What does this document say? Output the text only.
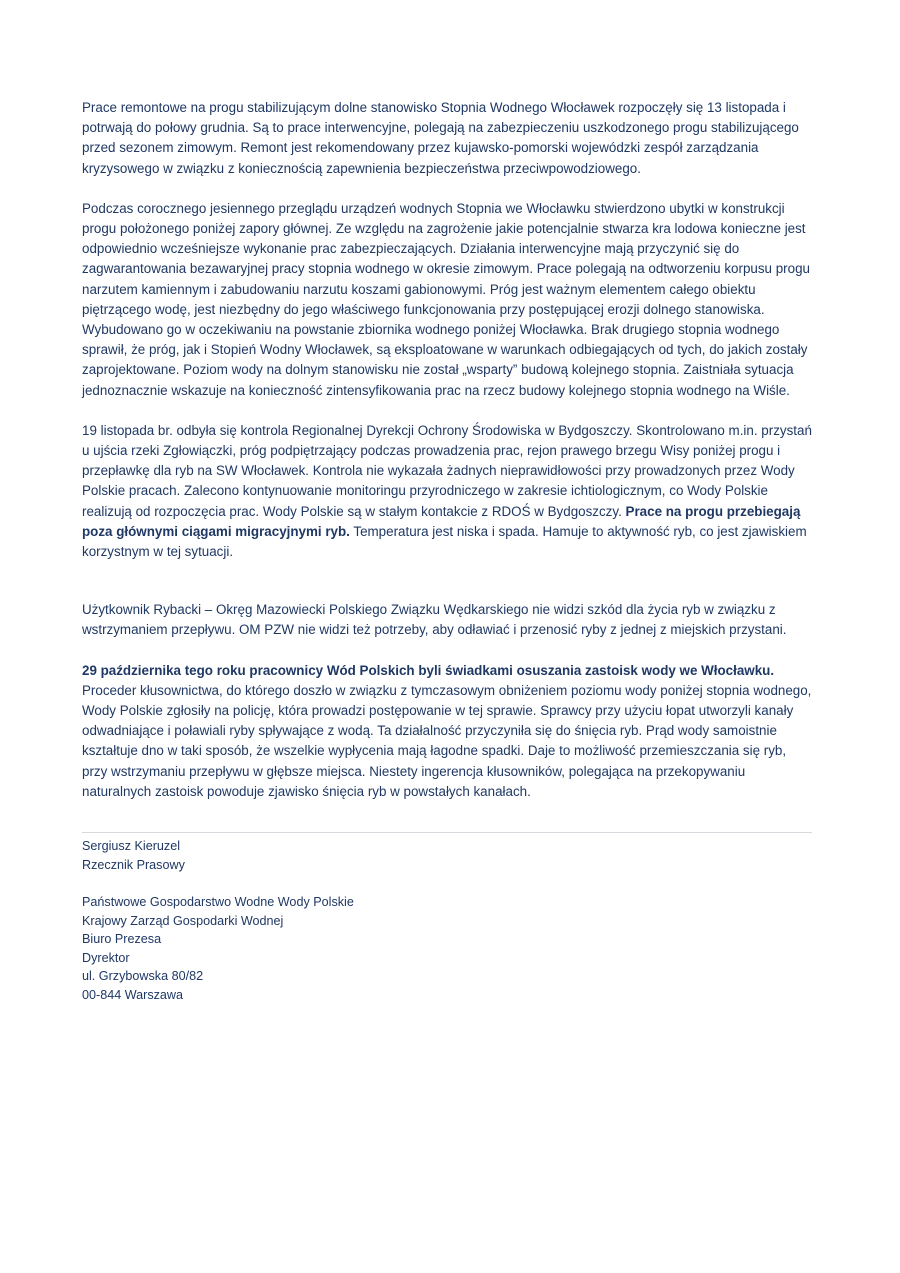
Prace remontowe na progu stabilizującym dolne stanowisko Stopnia Wodnego Włocławek rozpoczęły się 13 listopada i potrwają do połowy grudnia. Są to prace interwencyjne, polegają na zabezpieczeniu uszkodzonego progu stabilizującego przed sezonem zimowym. Remont jest rekomendowany przez kujawsko-pomorski wojewódzki zespół zarządzania kryzysowego w związku z koniecznością zapewnienia bezpieczeństwa przeciwpowodziowego.

Podczas corocznego jesiennego przeglądu urządzeń wodnych Stopnia we Włocławku stwierdzono ubytki w konstrukcji progu położonego poniżej zapory głównej. Ze względu na zagrożenie jakie potencjalnie stwarza kra lodowa konieczne jest odpowiednio wcześniejsze wykonanie prac zabezpieczających. Działania interwencyjne mają przyczynić się do zagwarantowania bezawaryjnej pracy stopnia wodnego w okresie zimowym. Prace polegają na odtworzeniu korpusu progu narzutem kamiennym i zabudowaniu narzutu koszami gabionowymi. Próg jest ważnym elementem całego obiektu piętrzącego wodę, jest niezbędny do jego właściwego funkcjonowania przy postępującej erozji dolnego stanowiska. Wybudowano go w oczekiwaniu na powstanie zbiornika wodnego poniżej Włocławka. Brak drugiego stopnia wodnego sprawił, że próg, jak i Stopień Wodny Włocławek, są eksploatowane w warunkach odbiegających od tych, do jakich zostały zaprojektowane. Poziom wody na dolnym stanowisku nie został „wsparty” budową kolejnego stopnia. Zaistniała sytuacja jednoznacznie wskazuje na konieczność zintensyfikowania prac na rzecz budowy kolejnego stopnia wodnego na Wiśle.

19 listopada br. odbyła się kontrola Regionalnej Dyrekcji Ochrony Środowiska w Bydgoszczy. Skontrolowano m.in. przystań u ujścia rzeki Zgłowiączki, próg podpiętrzający podczas prowadzenia prac, rejon prawego brzegu Wisy poniżej progu i przepławkę dla ryb na SW Włocławek. Kontrola nie wykazała żadnych nieprawidłowości przy prowadzonych przez Wody Polskie pracach. Zalecono kontynuowanie monitoringu przyrodniczego w zakresie ichtiologicznym, co Wody Polskie realizują od rozpoczęcia prac. Wody Polskie są w stałym kontakcie z RDOŚ w Bydgoszczy. Prace na progu przebiegają poza głównymi ciągami migracyjnymi ryb. Temperatura jest niska i spada. Hamuje to aktywność ryb, co jest zjawiskiem korzystnym w tej sytuacji.

Użytkownik Rybacki – Okręg Mazowiecki Polskiego Związku Wędkarskiego nie widzi szkód dla życia ryb w związku z wstrzymaniem przepływu. OM PZW nie widzi też potrzeby, aby odławiać i przenosić ryby z jednej z miejskich przystani.

29 października tego roku pracownicy Wód Polskich byli świadkami osuszania zastoisk wody we Włocławku. Proceder kłusownictwa, do którego doszło w związku z tymczasowym obniżeniem poziomu wody poniżej stopnia wodnego, Wody Polskie zgłosiły na policję, która prowadzi postępowanie w tej sprawie. Sprawcy przy użyciu łopat utworzyli kanały odwadniające i poławiali ryby spływające z wodą. Ta działalność przyczyniła się do śnięcia ryb. Prąd wody samoistnie kształtuje dno w taki sposób, że wszelkie wypłycenia mają łagodne spadki. Daje to możliwość przemieszczania się ryb, przy wstrzymaniu przepływu w głębsze miejsca. Niestety ingerencja kłusowników, polegająca na przekopywaniu naturalnych zastoisk powoduje zjawisko śnięcia ryb w powstałych kanałach.

Sergiusz Kieruzel
Rzecznik Prasowy
Państwowe Gospodarstwo Wodne Wody Polskie
Krajowy Zarząd Gospodarki Wodnej
Biuro Prezesa
Dyrektor
ul. Grzybowska 80/82
00-844 Warszawa
